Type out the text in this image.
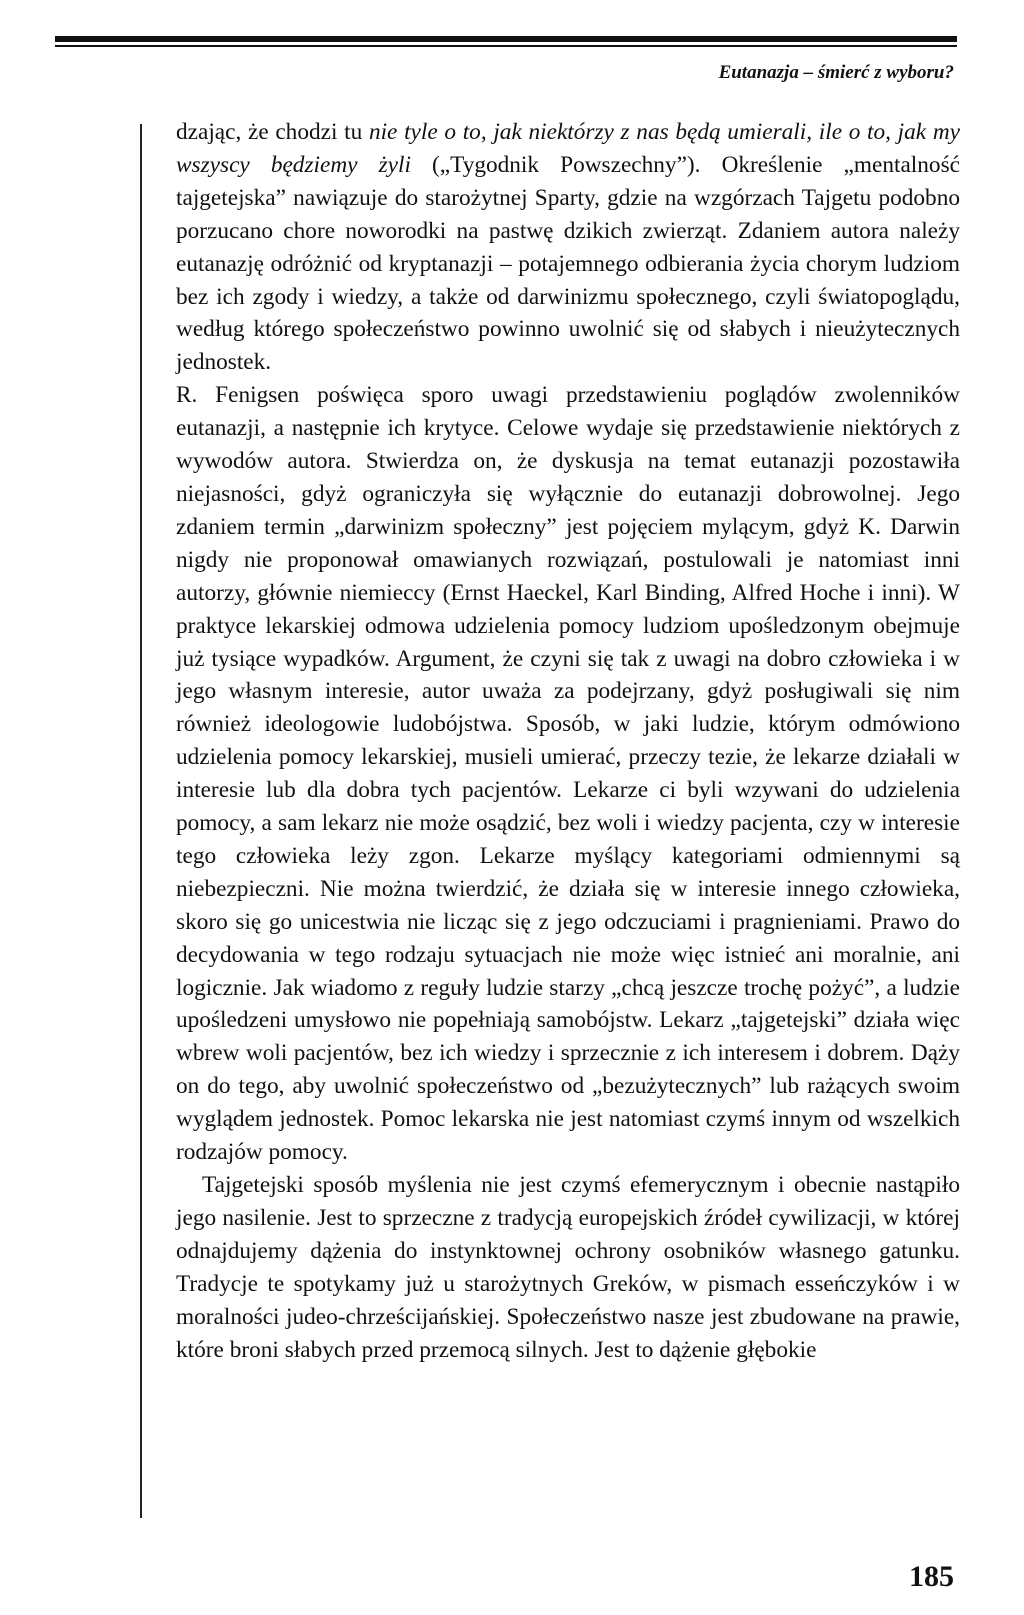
Eutanazja – śmierć z wyboru?

dzając, że chodzi tu nie tyle o to, jak niektórzy z nas będą umierali, ile o to, jak my wszyscy będziemy żyli („Tygodnik Powszechny”). Określenie „mentalność tajgetejska” nawiązuje do starożytnej Sparty, gdzie na wzgórzach Tajgetu podobno porzucano chore noworodki na pastwę dzikich zwierząt. Zdaniem autora należy eutanazję odróżnić od kryptanazji – potajemnego odbierania życia chorym ludziom bez ich zgody i wiedzy, a także od darwinizmu społecznego, czyli światopoglądu, według którego społeczeństwo powinno uwolnić się od słabych i nieużytecznych jednostek.

R. Fenigsen poświęca sporo uwagi przedstawieniu poglądów zwolenników eutanazji, a następnie ich krytyce. Celowe wydaje się przedstawienie niektórych z wywodów autora. Stwierdza on, że dyskusja na temat eutanazji pozostawiła niejasności, gdyż ograniczyła się wyłącznie do eutanazji dobrowolnej. Jego zdaniem termin „darwinizm społeczny” jest pojęciem mylącym, gdyż K. Darwin nigdy nie proponował omawianych rozwiązań, postulowali je natomiast inni autorzy, głównie niemieccy (Ernst Haeckel, Karl Binding, Alfred Hoche i inni). W praktyce lekarskiej odmowa udzielenia pomocy ludziom upośledzonym obejmuje już tysiące wypadków. Argument, że czyni się tak z uwagi na dobro człowieka i w jego własnym interesie, autor uważa za podejrzany, gdyż posługiwali się nim również ideologowie ludobójstwa. Sposób, w jaki ludzie, którym odmówiono udzielenia pomocy lekarskiej, musieli umierać, przeczy tezie, że lekarze działali w interesie lub dla dobra tych pacjentów. Lekarze ci byli wzywani do udzielenia pomocy, a sam lekarz nie może osądzić, bez woli i wiedzy pacjenta, czy w interesie tego człowieka leży zgon. Lekarze myślący kategoriami odmiennymi są niebezpieczni. Nie można twierdzić, że działa się w interesie innego człowieka, skoro się go unicestwia nie licząc się z jego odczuciami i pragnieniami. Prawo do decydowania w tego rodzaju sytuacjach nie może więc istnieć ani moralnie, ani logicznie. Jak wiadomo z reguły ludzie starzy „chcą jeszcze trochę pożyć”, a ludzie upośledzeni umysłowo nie popełniają samobójstw. Lekarz „tajgetejski” działa więc wbrew woli pacjentów, bez ich wiedzy i sprzecznie z ich interesem i dobrem. Dąży on do tego, aby uwolnić społeczeństwo od „bezużytecznych” lub rażących swoim wyglądem jednostek. Pomoc lekarska nie jest natomiast czymś innym od wszelkich rodzajów pomocy.

Tajgetejski sposób myślenia nie jest czymś efemerycznym i obecnie nastąpiło jego nasilenie. Jest to sprzeczne z tradycją europejskich źródeł cywilizacji, w której odnajdujemy dążenia do instynktownej ochrony osobników własnego gatunku. Tradycje te spotykamy już u starożytnych Greków, w pismach esseńczyków i w moralności judeo-chrześcijańskiej. Społeczeństwo nasze jest zbudowane na prawie, które broni słabych przed przemocą silnych. Jest to dążenie głębokie

185
